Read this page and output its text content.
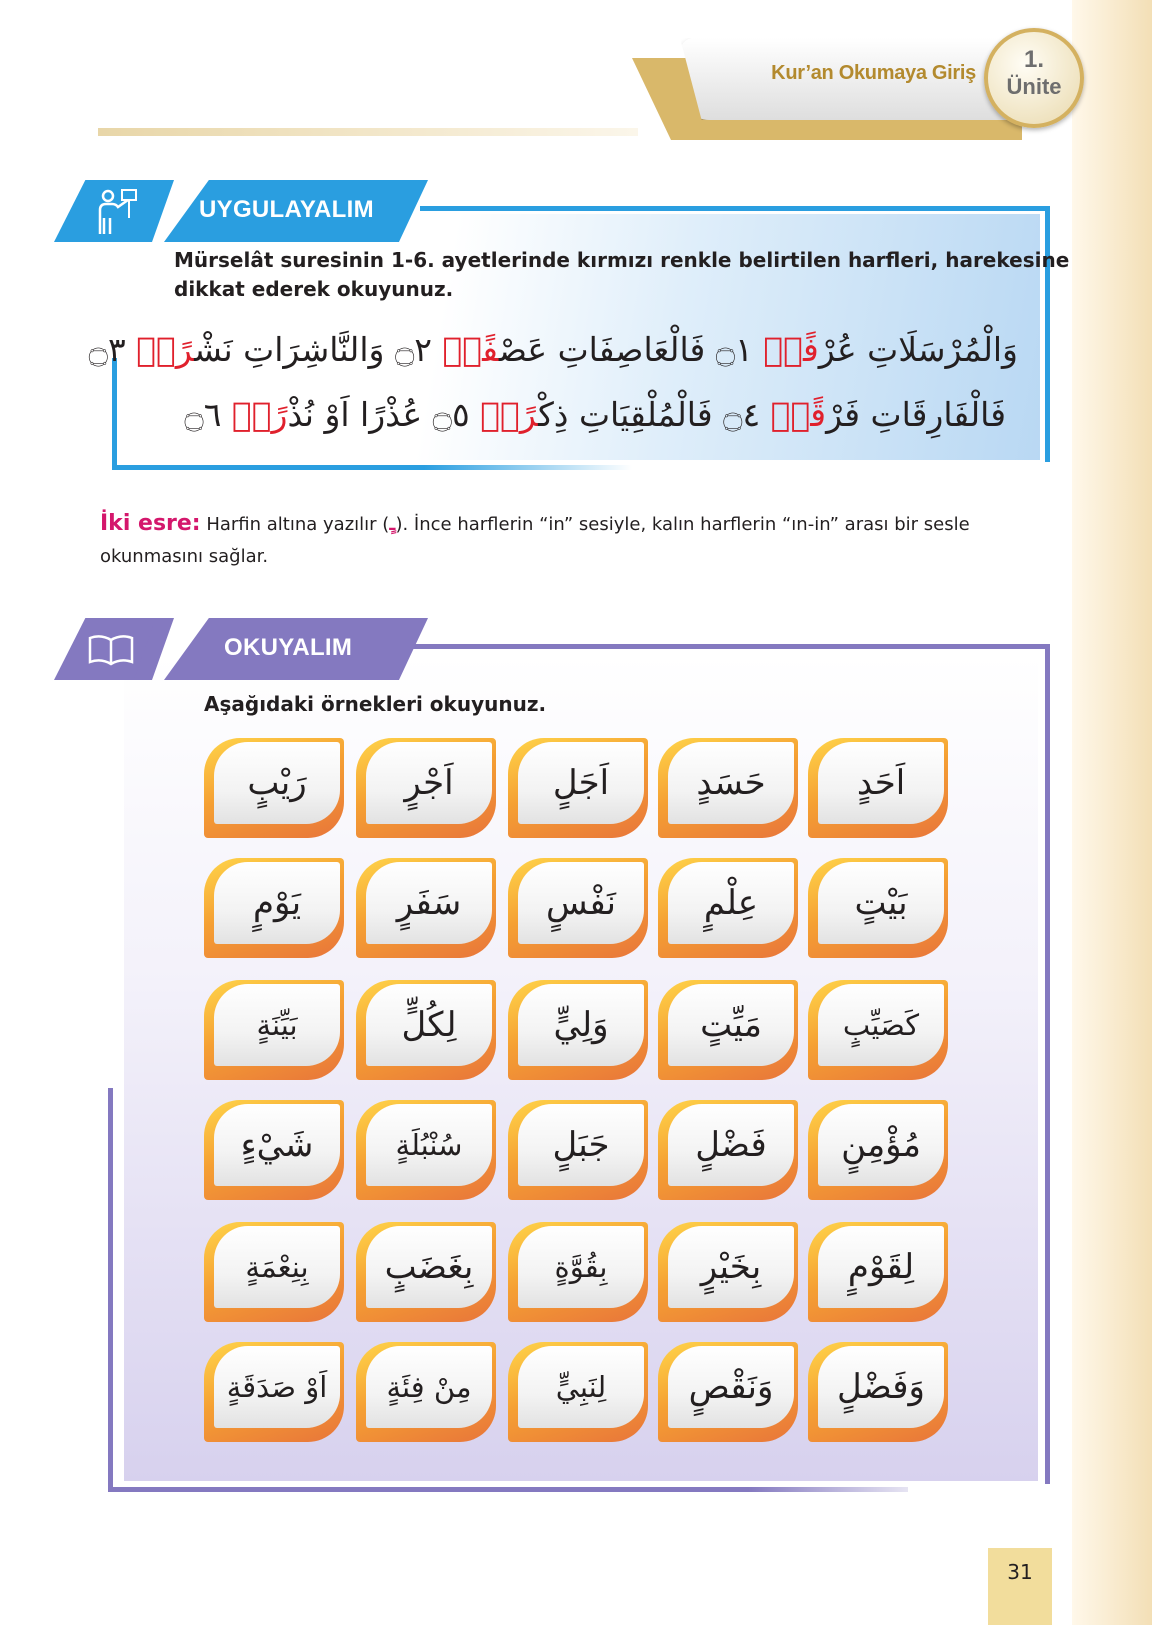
Kur’an Okumaya Giriş	1.
Ünite
UYGULAYALIM
Mürselât suresinin 1-6. ayetlerinde kırmızı renkle belirtilen harfleri, harekesine
dikkat ederek okuyunuz.
وَالْمُرْسَلَاتِ عُرْفًاۙ ۝١ فَالْعَاصِفَاتِ عَصْفًاۙ ۝٢ وَالنَّاشِرَاتِ نَشْرًاۙ ۝٣
فَالْفَارِقَاتِ فَرْقًاۙ ۝٤ فَالْمُلْقِيَاتِ ذِكْرًاۙ ۝٥ عُذْرًا اَوْ نُذْرًاۙ ۝٦
İki esre: Harfin altına yazılır (ـٍ). İnce harflerin “in” sesiyle, kalın harflerin “ın-in” arası bir sesle okunmasını sağlar.
OKUYALIM
Aşağıdaki örnekleri okuyunuz.
اَحَدٍ
حَسَدٍ
اَجَلٍ
اَجْرٍ
رَيْبٍ
بَيْتٍ
عِلْمٍ
نَفْسٍ
سَفَرٍ
يَوْمٍ
كَصَيِّبٍ
مَيِّتٍ
وَلِيٍّ
لِكُلٍّ
بَيِّنَةٍ
مُؤْمِنٍ
فَضْلٍ
جَبَلٍ
سُنْبُلَةٍ
شَيْءٍ
لِقَوْمٍ
بِخَيْرٍ
بِقُوَّةٍ
بِغَضَبٍ
بِنِعْمَةٍ
وَفَضْلٍ
وَنَقْصٍ
لِنَبِيٍّ
مِنْ فِئَةٍ
اَوْ صَدَقَةٍ
31
